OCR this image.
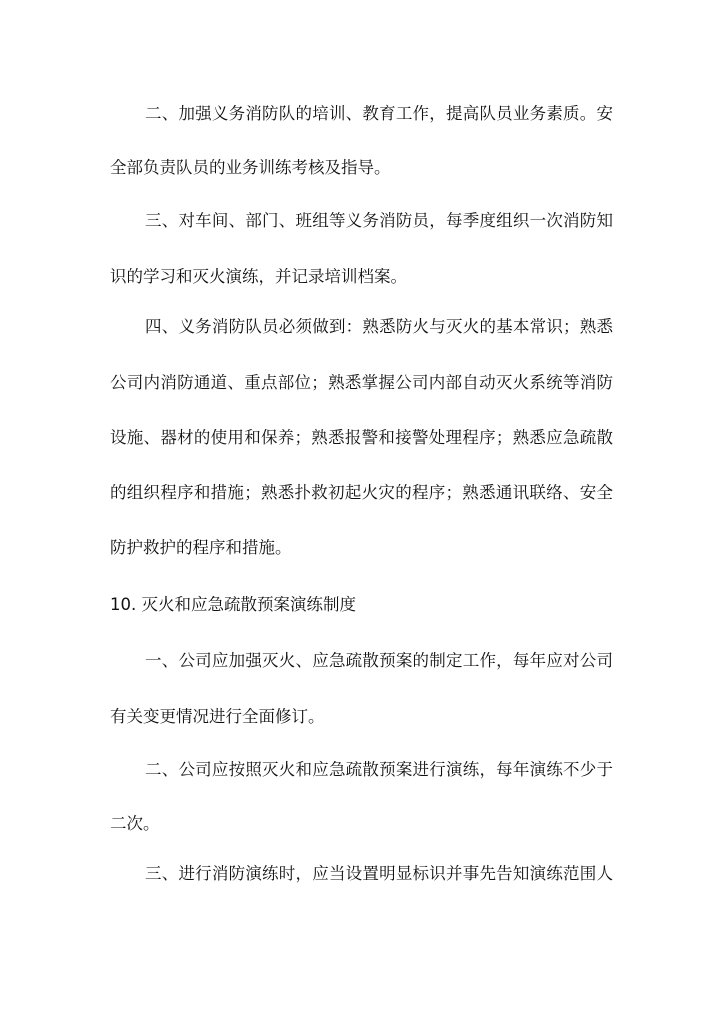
二、加强义务消防队的培训、教育工作，提高队员业务素质。安
全部负责队员的业务训练考核及指导。
三、对车间、部门、班组等义务消防员，每季度组织一次消防知
识的学习和灭火演练，并记录培训档案。
四、义务消防队员必须做到：熟悉防火与灭火的基本常识；熟悉
公司内消防通道、重点部位；熟悉掌握公司内部自动灭火系统等消防
设施、器材的使用和保养；熟悉报警和接警处理程序；熟悉应急疏散
的组织程序和措施；熟悉扑救初起火灾的程序；熟悉通讯联络、安全
防护救护的程序和措施。
10. 灭火和应急疏散预案演练制度
一、公司应加强灭火、应急疏散预案的制定工作，每年应对公司
有关变更情况进行全面修订。
二、公司应按照灭火和应急疏散预案进行演练，每年演练不少于
二次。
三、进行消防演练时，应当设置明显标识并事先告知演练范围人
